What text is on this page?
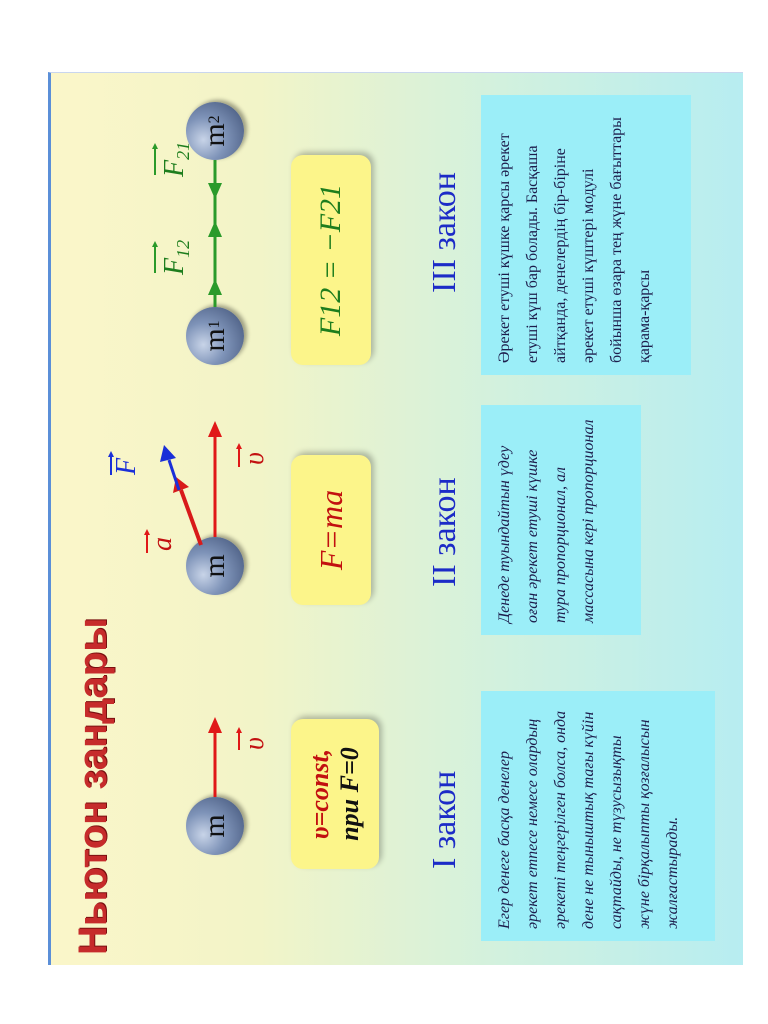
Ньютон зандары	m
υ
υ=const, при F=0 I закон	Егер денеге басқа денелер әрекет етпесе немесе олардың әрекеті теңгерілген болса, онда дене не тыныштық тағы күйін сақтайды, не түзусызықты жүне бірқалыпты қозғалысын жалғастырады.
m
υ
a
F
F=ma II закон	Денеде туындайтын үдеу оған әрекет етуші күшке тура пропорционал, ал массасына кері пропорционал
m
1
m
2
$F_{12}$
$F_{21}$
F12 = −F21 III закон	Әрекет етуші күшке қарсы әрекет етуші күш бар болады. Басқаша айтқанда, денелердің бір-біріне әрекет етуші күштері модулі бойынша өзара тең жүне бағыттары қарама-қарсы
